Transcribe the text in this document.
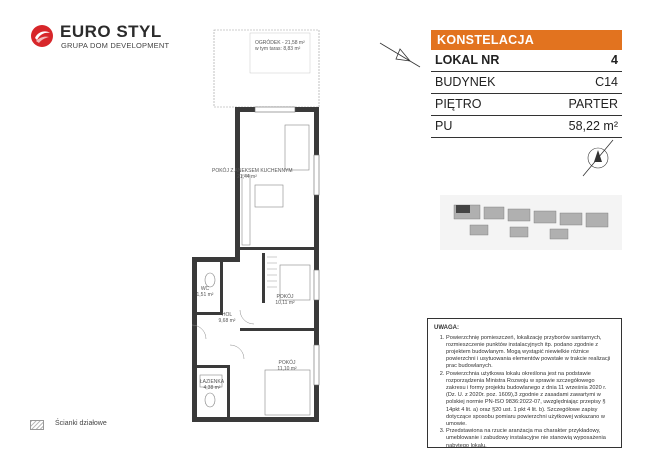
EURO STYL
GRUPA DOM DEVELOPMENT	OGRÓDEK - 21,58 m²
w tym taras: 8,83 m²
POKÓJ Z ANEKSEM KUCHENNYM
21,44 m²
POKÓJ
10,11 m²
HOL
9,68 m²
WC
1,51 m²
POKÓJ
11,10 m²
ŁAZIENKA
4,38 m²
KONSTELACJA
LOKAL NR	4
BUDYNEK	C14
PIĘTRO	PARTER
PU	58,22 m²
UWAGA:
1. Powierzchnię pomieszczeń, lokalizację przyborów sanitarnych, rozmieszczenie punktów instalacyjnych itp. podano zgodnie z projektem budowlanym. Mogą wystąpić niewielkie różnice powierzchni i usytuowania elementów powstałe w trakcie realizacji prac budowlanych.
2. Powierzchnia użytkowa lokalu określona jest na podstawie rozporządzenia Ministra Rozwoju w sprawie szczegółowego zakresu i formy projektu budowlanego z dnia 11 września 2020 r. (Dz. U. z 2020r. poz. 1609),3 zgodnie z zasadami zawartymi w polskiej normie PN-ISO 9836:2022-07, uwzględniając przepisy § 14pkt 4 lit. a) oraz §20 ust. 1 pkt 4 lit. b). Szczegółowe zapisy dotyczące sposobu pomiaru powierzchni użytkowej wskazano w umowie.
3. Przedstawiona na rzucie aranżacja ma charakter przykładowy, umeblowanie i zabudowy instalacyjne nie stanowią wyposażenia nabytego lokalu.
Ścianki działowe
